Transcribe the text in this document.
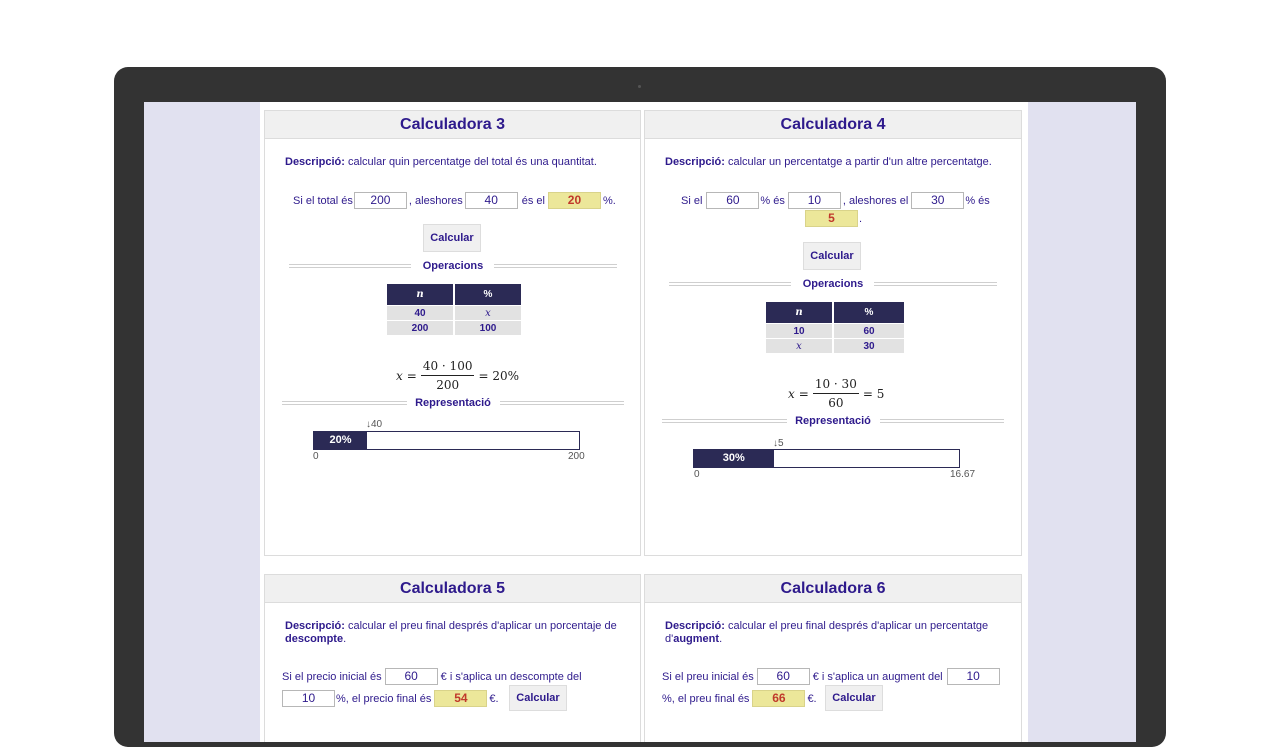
Calculadora 3
Descripció: calcular quin percentatge del total és una quantitat.
Si el total és	200	, aleshores	40	és el	20	%.
Calcular
Operacions
n	%
40	x
200	100
$x = \frac{40 \cdot 100}{200} = 20\%$
Representació
↓40
20%
0	200
Calculadora 4
Descripció: calcular un percentatge a partir d'un altre percentatge.
Si el	60	% és	10	, aleshores el	30	% és
5	.
Calcular
Operacions
n	%
10	60
x	30
$x = \frac{10 \cdot 30}{60} = 5$
Representació
↓5
30%
0	16.67
Calculadora 5
Descripció: calcular el preu final després d'aplicar un porcentaje de descompte.
Si el precio inicial és	60	€ i s'aplica un descompte del
10	%, el precio final és	54	€.	Calcular
Calculadora 6
Descripció: calcular el preu final després d'aplicar un percentatge d'augment.
Si el preu inicial és	60	€ i s'aplica un augment del	10
%, el preu final és	66	€.	Calcular
